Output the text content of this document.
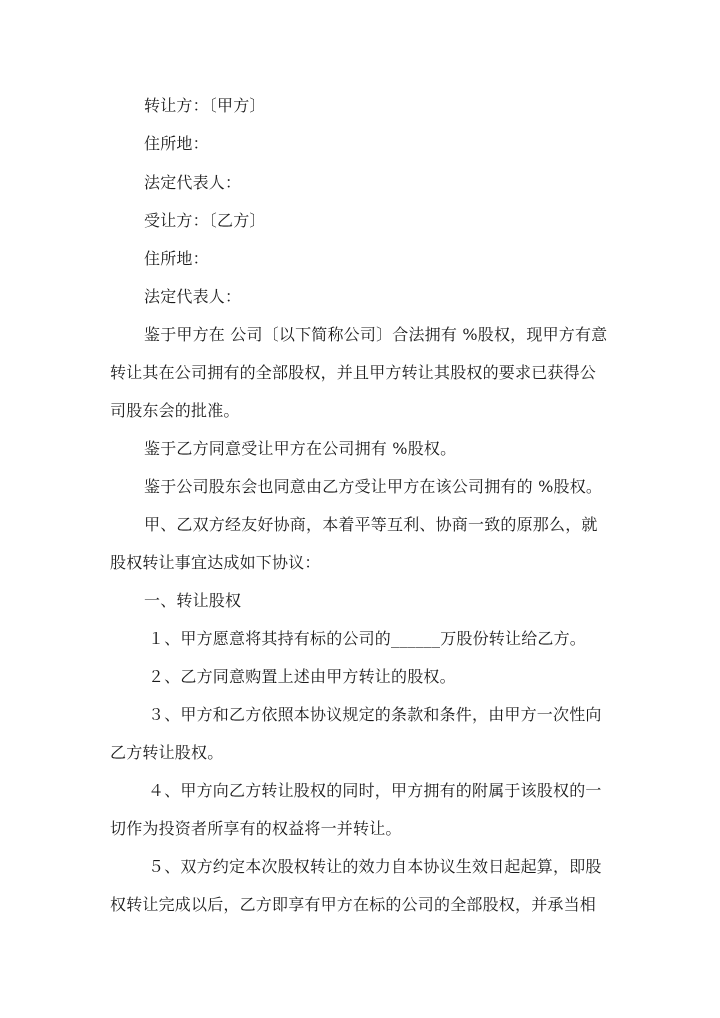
转让方：〔甲方〕
住所地：
法定代表人：
受让方：〔乙方〕
住所地：
法定代表人：
鉴于甲方在 公司〔以下简称公司〕合法拥有 %股权，现甲方有意
转让其在公司拥有的全部股权，并且甲方转让其股权的要求已获得公
司股东会的批准。
鉴于乙方同意受让甲方在公司拥有 %股权。
鉴于公司股东会也同意由乙方受让甲方在该公司拥有的 %股权。
甲、乙双方经友好协商，本着平等互利、协商一致的原那么，就
股权转让事宜达成如下协议：
一、转让股权
１、甲方愿意将其持有标的公司的______万股份转让给乙方。
２、乙方同意购置上述由甲方转让的股权。
３、甲方和乙方依照本协议规定的条款和条件，由甲方一次性向
乙方转让股权。
４、甲方向乙方转让股权的同时，甲方拥有的附属于该股权的一
切作为投资者所享有的权益将一并转让。
５、双方约定本次股权转让的效力自本协议生效日起起算，即股
权转让完成以后，乙方即享有甲方在标的公司的全部股权，并承当相
